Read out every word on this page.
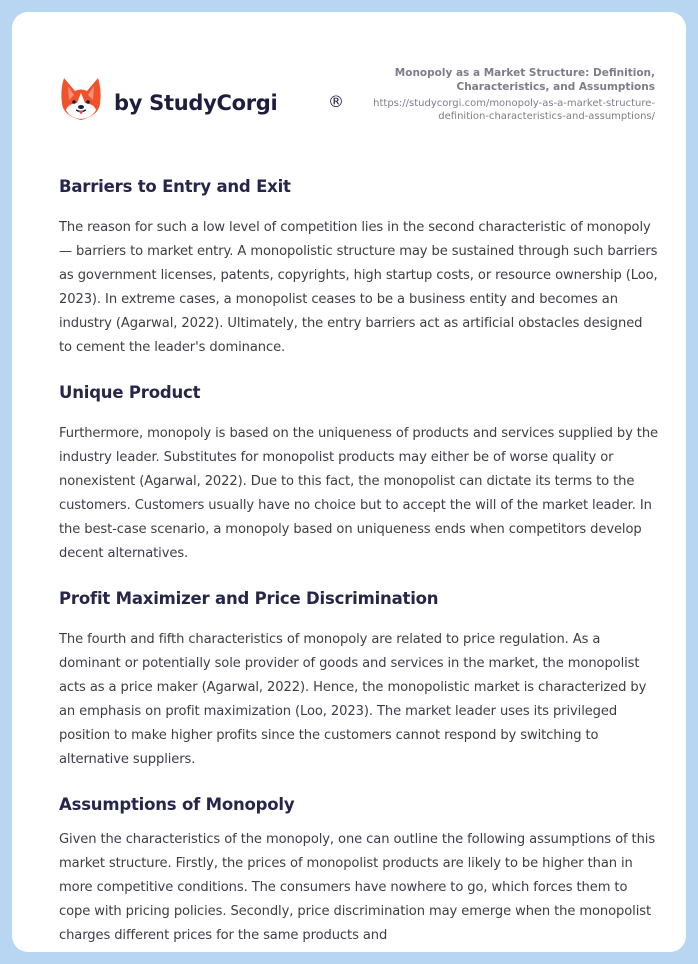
by StudyCorgi	®
Monopoly as a Market Structure: Definition, Characteristics, and Assumptions
https://studycorgi.com/monopoly-as-a-market-structure-definition-characteristics-and-assumptions/
Barriers to Entry and Exit

The reason for such a low level of competition lies in the second characteristic of monopoly — barriers to market entry. A monopolistic structure may be sustained through such barriers as government licenses, patents, copyrights, high startup costs, or resource ownership (Loo, 2023). In extreme cases, a monopolist ceases to be a business entity and becomes an industry (Agarwal, 2022). Ultimately, the entry barriers act as artificial obstacles designed to cement the leader's dominance.

Unique Product

Furthermore, monopoly is based on the uniqueness of products and services supplied by the industry leader. Substitutes for monopolist products may either be of worse quality or nonexistent (Agarwal, 2022). Due to this fact, the monopolist can dictate its terms to the customers. Customers usually have no choice but to accept the will of the market leader. In the best-case scenario, a monopoly based on uniqueness ends when competitors develop decent alternatives.

Profit Maximizer and Price Discrimination

The fourth and fifth characteristics of monopoly are related to price regulation. As a dominant or potentially sole provider of goods and services in the market, the monopolist acts as a price maker (Agarwal, 2022). Hence, the monopolistic market is characterized by an emphasis on profit maximization (Loo, 2023). The market leader uses its privileged position to make higher profits since the customers cannot respond by switching to alternative suppliers.

Assumptions of Monopoly

Given the characteristics of the monopoly, one can outline the following assumptions of this market structure. Firstly, the prices of monopolist products are likely to be higher than in more competitive conditions. The consumers have nowhere to go, which forces them to cope with pricing policies. Secondly, price discrimination may emerge when the monopolist charges different prices for the same products and
